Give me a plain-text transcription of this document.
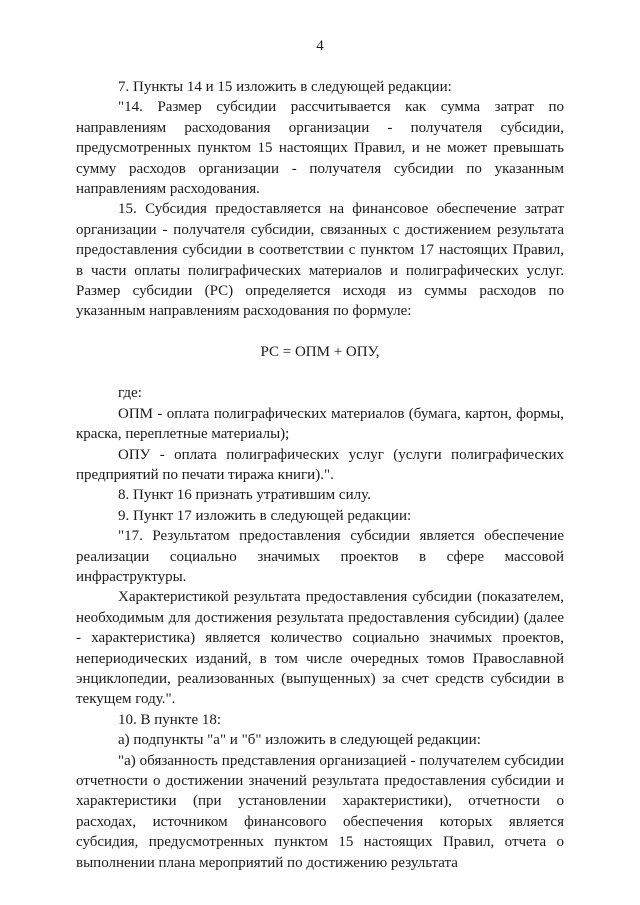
4

7. Пункты 14 и 15 изложить в следующей редакции:

"14. Размер субсидии рассчитывается как сумма затрат по направлениям расходования организации - получателя субсидии, предусмотренных пунктом 15 настоящих Правил, и не может превышать сумму расходов организации - получателя субсидии по указанным направлениям расходования.

15. Субсидия предоставляется на финансовое обеспечение затрат организации - получателя субсидии, связанных с достижением результата предоставления субсидии в соответствии с пунктом 17 настоящих Правил, в части оплаты полиграфических материалов и полиграфических услуг. Размер субсидии (РС) определяется исходя из суммы расходов по указанным направлениям расходования по формуле:

РС = ОПМ + ОПУ,

где:

ОПМ - оплата полиграфических материалов (бумага, картон, формы, краска, переплетные материалы);

ОПУ - оплата полиграфических услуг (услуги полиграфических предприятий по печати тиража книги).".

8. Пункт 16 признать утратившим силу.

9. Пункт 17 изложить в следующей редакции:

"17. Результатом предоставления субсидии является обеспечение реализации социально значимых проектов в сфере массовой инфраструктуры.

Характеристикой результата предоставления субсидии (показателем, необходимым для достижения результата предоставления субсидии) (далее - характеристика) является количество социально значимых проектов, непериодических изданий, в том числе очередных томов Православной энциклопедии, реализованных (выпущенных) за счет средств субсидии в текущем году.".

10. В пункте 18:

а) подпункты "а" и "б" изложить в следующей редакции:

"а) обязанность представления организацией - получателем субсидии отчетности о достижении значений результата предоставления субсидии и характеристики (при установлении характеристики), отчетности о расходах, источником финансового обеспечения которых является субсидия, предусмотренных пунктом 15 настоящих Правил, отчета о выполнении плана мероприятий по достижению результата
